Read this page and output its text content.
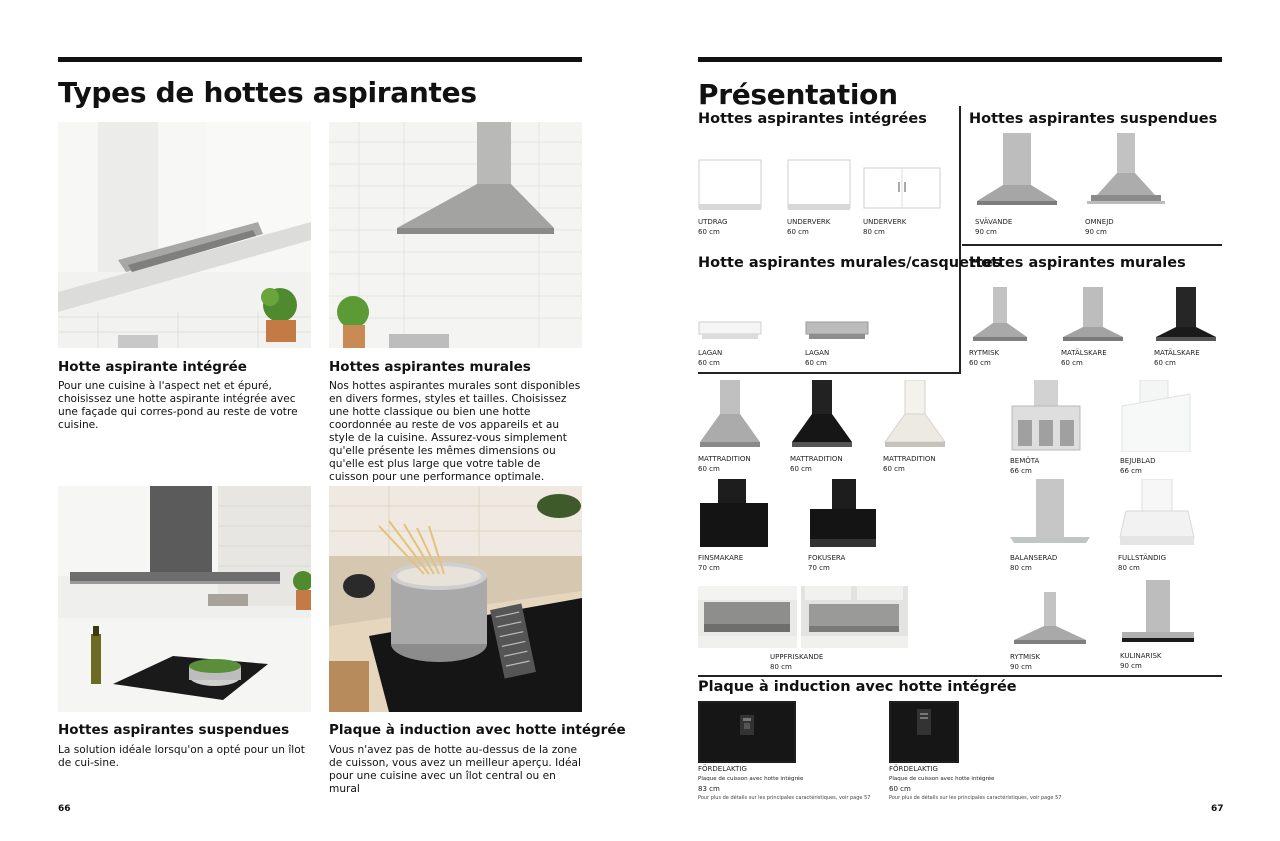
Types de hottes aspirantes
Hotte aspirante intégrée
Pour une cuisine à l'aspect net et épuré, choisissez une hotte aspirante intégrée avec une façade qui corres-pond au reste de votre cuisine.
Hottes aspirantes murales
Nos hottes aspirantes murales sont disponibles en divers formes, styles et tailles. Choisissez une hotte classique ou bien une hotte coordonnée au reste de vos appareils et au style de la cuisine. Assurez-vous simplement qu'elle présente les mêmes dimensions ou qu'elle est plus large que votre table de cuisson pour une performance optimale.
Hottes aspirantes suspendues
La solution idéale lorsqu'on a opté pour un îlot de cui-sine.
Plaque à induction avec hotte intégrée
Vous n'avez pas de hotte au-dessus de la zone de cuisson, vous avez un meilleur aperçu. Idéal pour une cuisine avec un îlot central ou en mural
66
Présentation
Hottes aspirantes intégrées	Hottes aspirantes suspendues
UTDRAG
60 cm
UNDERVERK
60 cm
UNDERVERK
80 cm
SVÄVANDE
90 cm
OMNEJD
90 cm
Hotte aspirantes murales/casquettes
Hottes aspirantes murales
LAGAN
60 cm
LAGAN
60 cm
RYTMISK
60 cm
MATÄLSKARE
60 cm
MATÄLSKARE
60 cm
MATTRADITION
60 cm
MATTRADITION
60 cm
MATTRADITION
60 cm
BEMÖTA
66 cm
BEJUBLAD
66 cm
FINSMAKARE
70 cm
FOKUSERA
70 cm
BALANSERAD
80 cm
FULLSTÄNDIG
80 cm
UPPFRISKANDE
80 cm
RYTMISK
90 cm
KULINARISK
90 cm
Plaque à induction avec hotte intégrée
FÖRDELAKTIG
Plaque de cuisson avec hotte intégrée
83 cm
Pour plus de détails sur les principales caractéristiques, voir page 57
FÖRDELAKTIG
Plaque de cuisson avec hotte intégrée
60 cm
Pour plus de détails sur les principales caractéristiques, voir page 57
67
